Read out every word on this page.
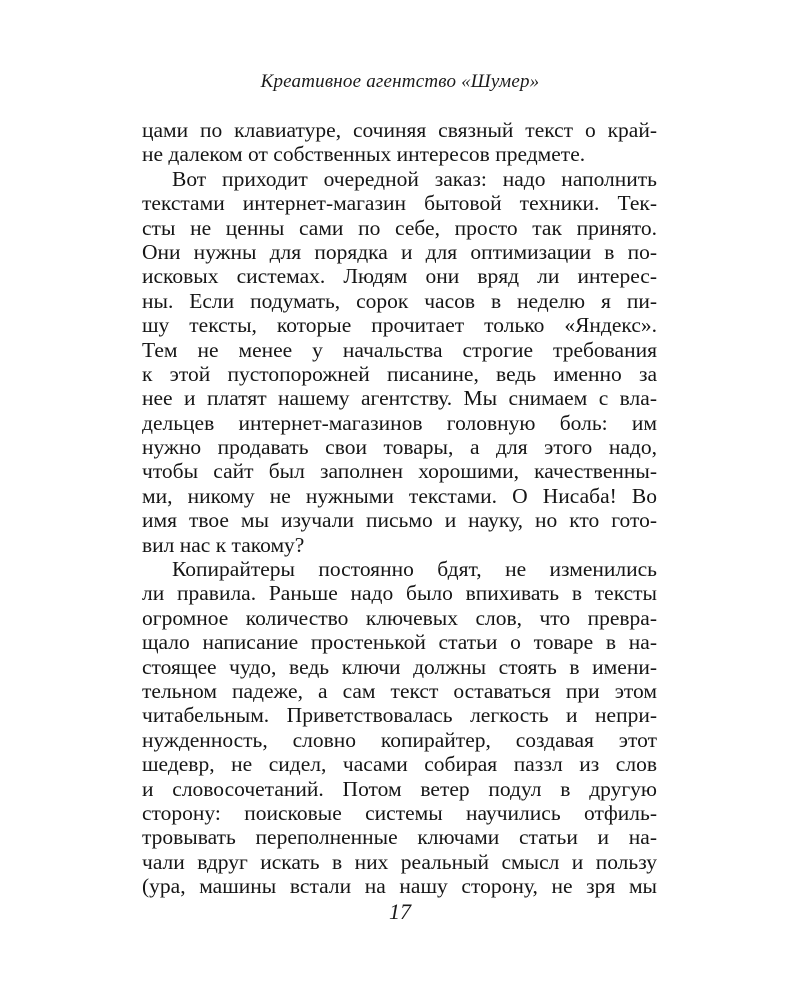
Креативное агентство «Шумер»
цами по клавиатуре, сочиняя связный текст о край-
не далеком от собственных интересов предмете.
Вот приходит очередной заказ: надо наполнить
текстами интернет-магазин бытовой техники. Тек-
сты не ценны сами по себе, просто так принято.
Они нужны для порядка и для оптимизации в по-
исковых системах. Людям они вряд ли интерес-
ны. Если подумать, сорок часов в неделю я пи-
шу тексты, которые прочитает только «Яндекс».
Тем не менее у начальства строгие требования
к этой пустопорожней писанине, ведь именно за
нее и платят нашему агентству. Мы снимаем с вла-
дельцев интернет-магазинов головную боль: им
нужно продавать свои товары, а для этого надо,
чтобы сайт был заполнен хорошими, качественны-
ми, никому не нужными текстами. О Нисаба! Во
имя твое мы изучали письмо и науку, но кто гото-
вил нас к такому?
Копирайтеры постоянно бдят, не изменились
ли правила. Раньше надо было впихивать в тексты
огромное количество ключевых слов, что превра-
щало написание простенькой статьи о товаре в на-
стоящее чудо, ведь ключи должны стоять в имени-
тельном падеже, а сам текст оставаться при этом
читабельным. Приветствовалась легкость и непри-
нужденность, словно копирайтер, создавая этот
шедевр, не сидел, часами собирая паззл из слов
и словосочетаний. Потом ветер подул в другую
сторону: поисковые системы научились отфиль-
тровывать переполненные ключами статьи и на-
чали вдруг искать в них реальный смысл и пользу
(ура, машины встали на нашу сторону, не зря мы
17
